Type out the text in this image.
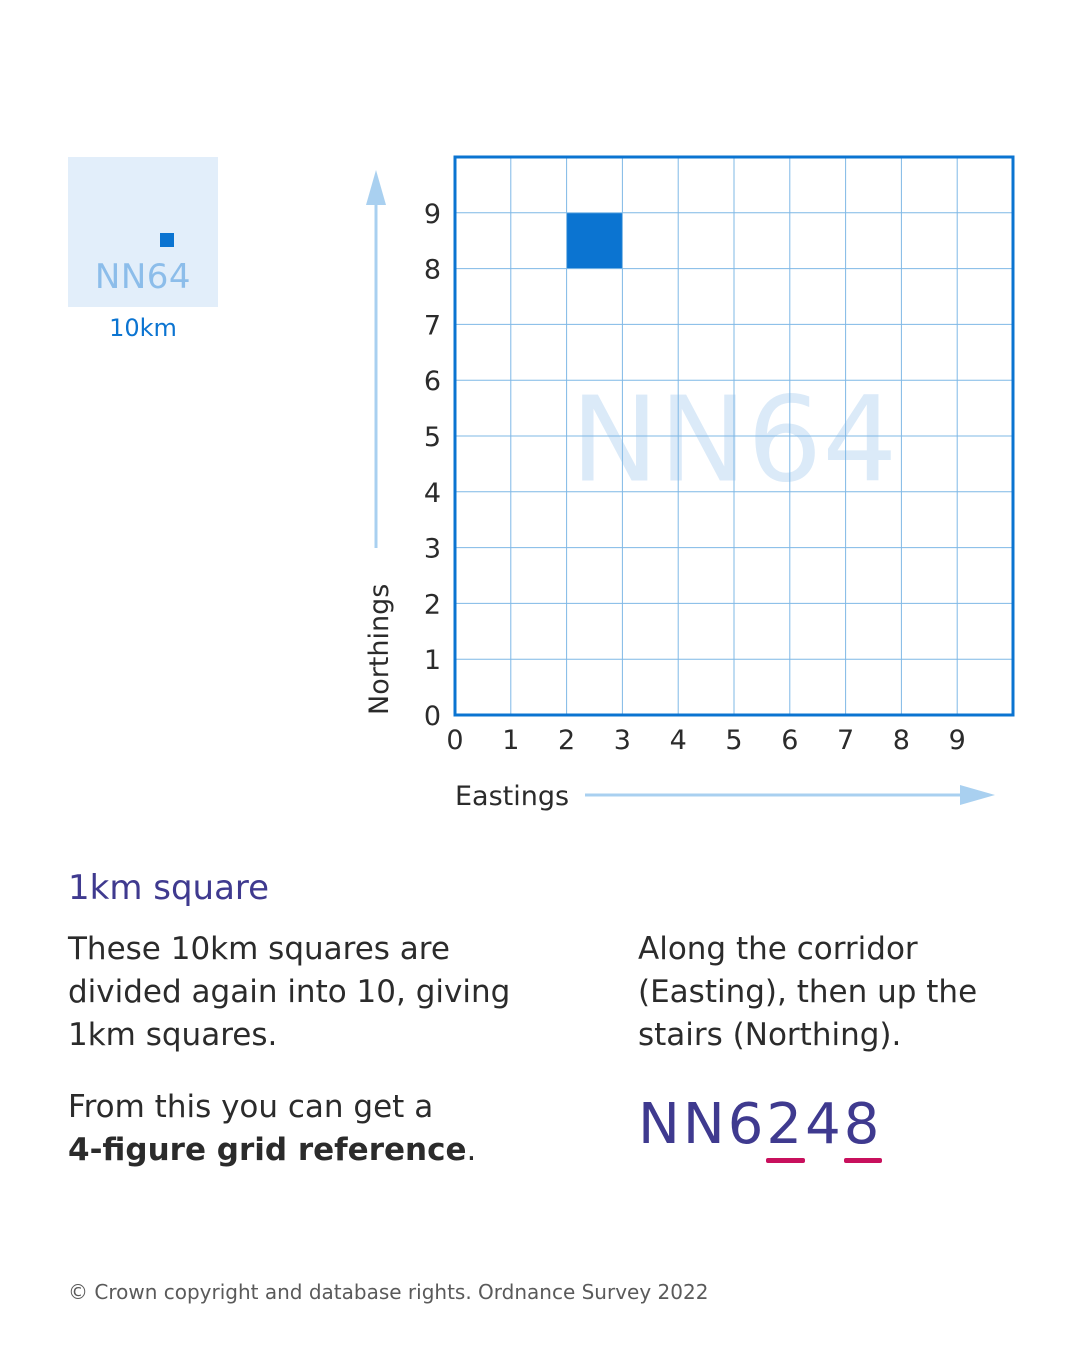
NN64
10km
NN64
0 1 2 3 4 5 6 7 8 9
0
1
2
3
4
5
6
7
8
9
Eastings
Northings
1km square

These 10km squares are
divided again into 10, giving
1km squares.

From this you can get a
4-figure grid reference.

Along the corridor
(Easting), then up the
stairs (Northing).

NN6248
© Crown copyright and database rights. Ordnance Survey 2022
